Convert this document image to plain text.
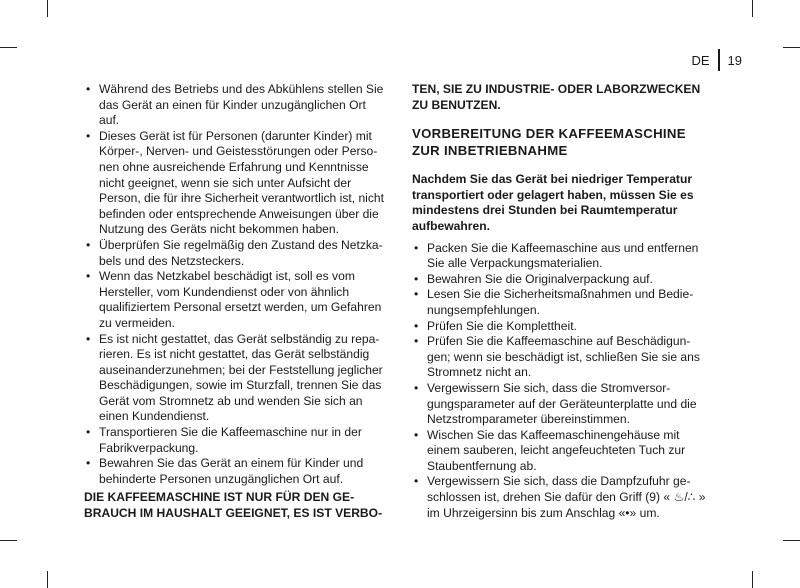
DE 19
• Während des Betriebs und des Abkühlens stellen Sie das Gerät an einen für Kinder unzugänglichen Ort auf.
• Dieses Gerät ist für Personen (darunter Kinder) mit Körper-, Nerven- und Geistesstörungen oder Perso-nen ohne ausreichende Erfahrung und Kenntnisse nicht geeignet, wenn sie sich unter Aufsicht der Person, die für ihre Sicherheit verantwortlich ist, nicht befinden oder entsprechende Anweisungen über die Nutzung des Geräts nicht bekommen haben.
• Überprüfen Sie regelmäßig den Zustand des Netzka-bels und des Netzsteckers.
• Wenn das Netzkabel beschädigt ist, soll es vom Hersteller, vom Kundendienst oder von ähnlich qualifiziertem Personal ersetzt werden, um Gefahren zu vermeiden.
• Es ist nicht gestattet, das Gerät selbständig zu repa-rieren. Es ist nicht gestattet, das Gerät selbständig auseinanderzunehmen; bei der Feststellung jeglicher Beschädigungen, sowie im Sturzfall, trennen Sie das Gerät vom Stromnetz ab und wenden Sie sich an einen Kundendienst.
• Transportieren Sie die Kaffeemaschine nur in der Fabrikverpackung.
• Bewahren Sie das Gerät an einem für Kinder und behinderte Personen unzugänglichen Ort auf.
DIE KAFFEEMASCHINE IST NUR FÜR DEN GE-BRAUCH IM HAUSHALT GEEIGNET, ES IST VERBO-
TEN, SIE ZU INDUSTRIE- ODER LABORZWECKEN ZU BENUTZEN.
VORBEREITUNG DER KAFFEEMASCHINE ZUR INBETRIEBNAHME
Nachdem Sie das Gerät bei niedriger Temperatur transportiert oder gelagert haben, müssen Sie es mindestens drei Stunden bei Raumtemperatur aufbewahren.
• Packen Sie die Kaffeemaschine aus und entfernen Sie alle Verpackungsmaterialien.
• Bewahren Sie die Originalverpackung auf.
• Lesen Sie die Sicherheitsmaßnahmen und Bedie-nungsempfehlungen.
• Prüfen Sie die Komplettheit.
• Prüfen Sie die Kaffeemaschine auf Beschädigun-gen; wenn sie beschädigt ist, schließen Sie sie ans Stromnetz nicht an.
• Vergewissern Sie sich, dass die Stromversor-gungsparameter auf der Geräteunterplatte und die Netzstromparameter übereinstimmen.
• Wischen Sie das Kaffeemaschinengehäuse mit einem sauberen, leicht angefeuchteten Tuch zur Staubentfernung ab.
• Vergewissern Sie sich, dass die Dampfzufuhr ge-schlossen ist, drehen Sie dafür den Griff (9) « ♨/∴ » im Uhrzeigersinn bis zum Anschlag «•» um.
